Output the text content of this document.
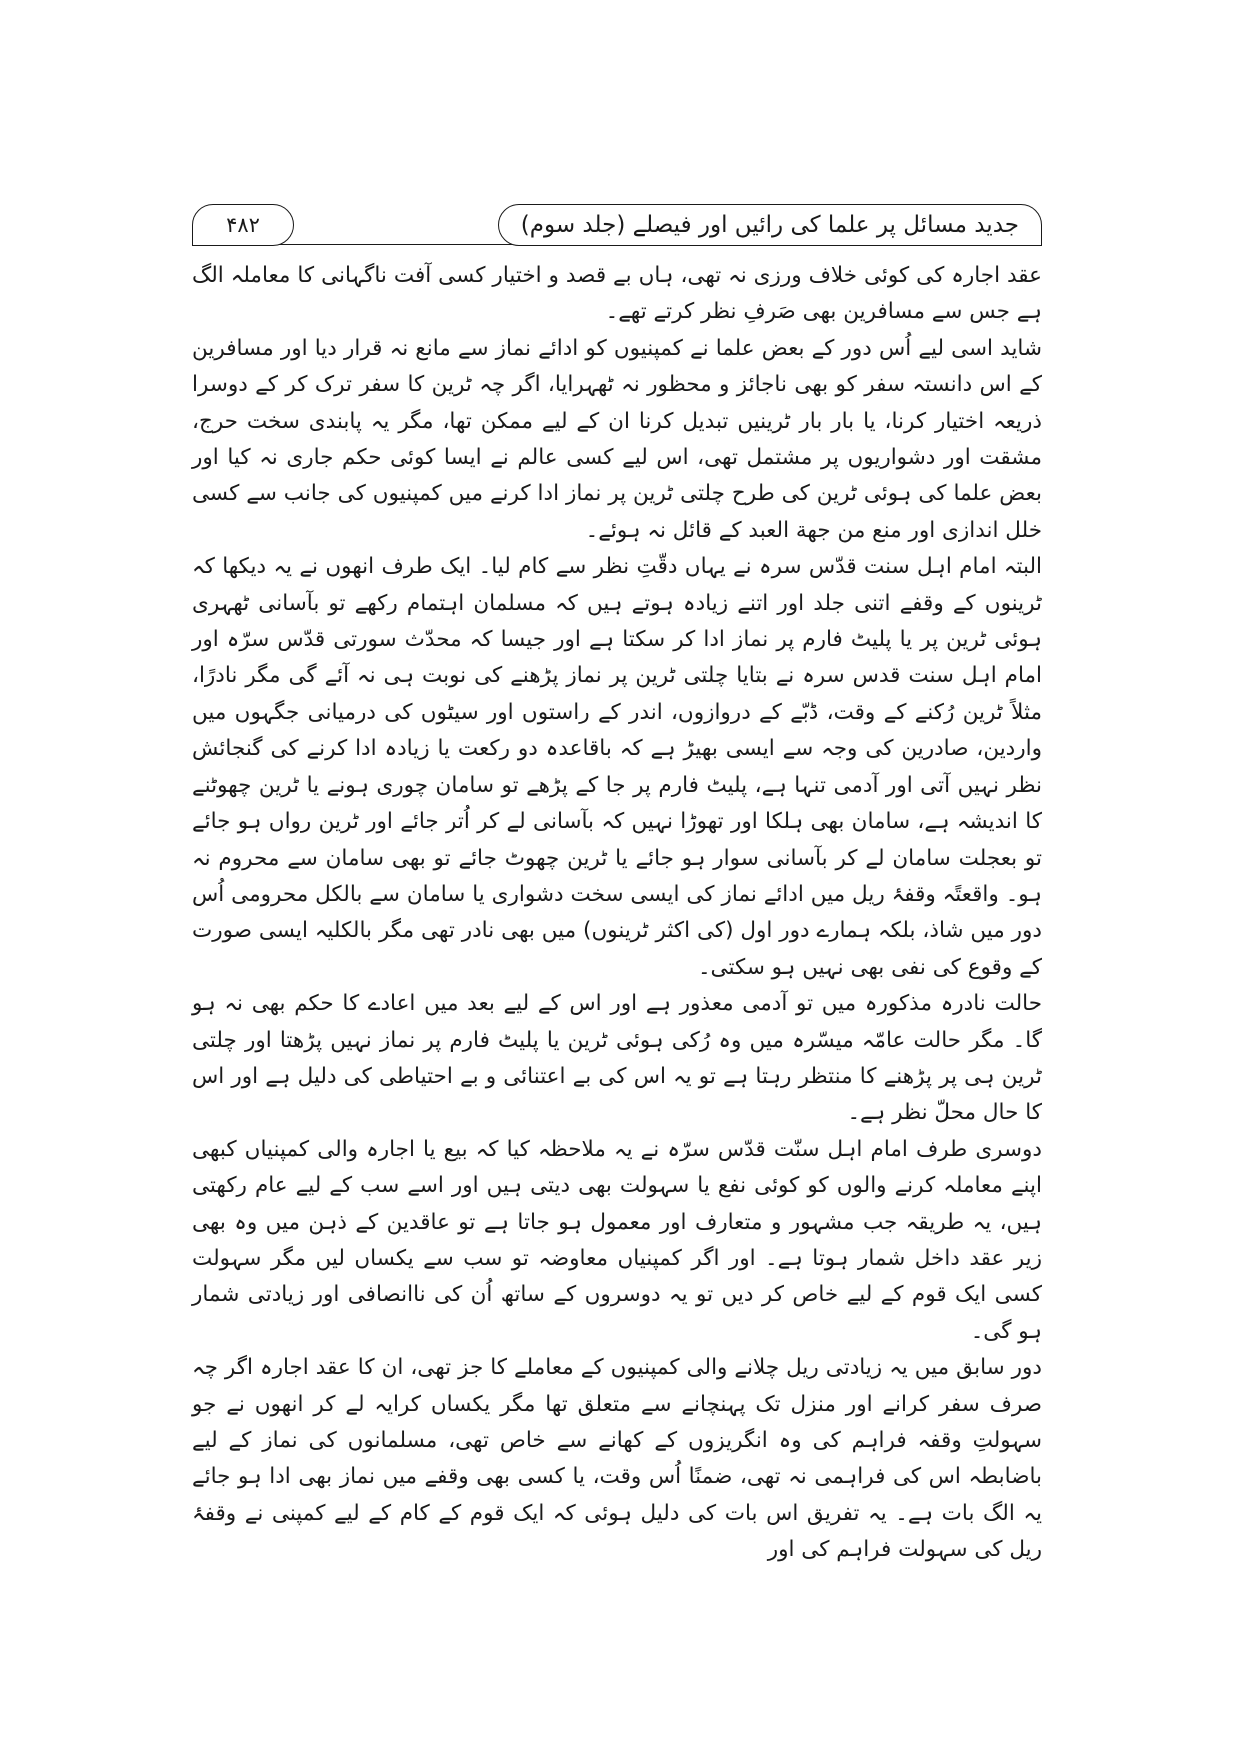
جدید مسائل پر علما کی رائیں اور فیصلے (جلد سوم)
۴۸۲

عقد اجارہ کی کوئی خلاف ورزی نہ تھی، ہاں بے قصد و اختیار کسی آفت ناگہانی کا معاملہ الگ ہے جس سے مسافرین بھی صَرفِ نظر کرتے تھے۔

شاید اسی لیے اُس دور کے بعض علما نے کمپنیوں کو ادائے نماز سے مانع نہ قرار دیا اور مسافرین کے اس دانستہ سفر کو بھی ناجائز و محظور نہ ٹھہرایا، اگر چہ ٹرین کا سفر ترک کر کے دوسرا ذریعہ اختیار کرنا، یا بار بار ٹرینیں تبدیل کرنا ان کے لیے ممکن تھا، مگر یہ پابندی سخت حرج، مشقت اور دشواریوں پر مشتمل تھی، اس لیے کسی عالم نے ایسا کوئی حکم جاری نہ کیا اور بعض علما کی ہوئی ٹرین کی طرح چلتی ٹرین پر نماز ادا کرنے میں کمپنیوں کی جانب سے کسی خلل اندازی اور منع من جهة العبد کے قائل نہ ہوئے۔

البتہ امام اہل سنت قدّس سرہ نے یہاں دقّتِ نظر سے کام لیا۔ ایک طرف انھوں نے یہ دیکھا کہ ٹرینوں کے وقفے اتنی جلد اور اتنے زیادہ ہوتے ہیں کہ مسلمان اہتمام رکھے تو بآسانی ٹھہری ہوئی ٹرین پر یا پلیٹ فارم پر نماز ادا کر سکتا ہے اور جیسا کہ محدّث سورتی قدّس سرّہ اور امام اہل سنت قدس سرہ نے بتایا چلتی ٹرین پر نماز پڑھنے کی نوبت ہی نہ آئے گی مگر نادرًا، مثلاً ٹرین رُکنے کے وقت، ڈبّے کے دروازوں، اندر کے راستوں اور سیٹوں کی درمیانی جگہوں میں واردین، صادرین کی وجہ سے ایسی بھیڑ ہے کہ باقاعدہ دو رکعت یا زیادہ ادا کرنے کی گنجائش نظر نہیں آتی اور آدمی تنہا ہے، پلیٹ فارم پر جا کے پڑھے تو سامان چوری ہونے یا ٹرین چھوٹنے کا اندیشہ ہے، سامان بھی ہلکا اور تھوڑا نہیں کہ بآسانی لے کر اُتر جائے اور ٹرین رواں ہو جائے تو بعجلت سامان لے کر بآسانی سوار ہو جائے یا ٹرین چھوٹ جائے تو بھی سامان سے محروم نہ ہو۔ واقعتًہ وقفۂ ریل میں ادائے نماز کی ایسی سخت دشواری یا سامان سے بالکل محرومی اُس دور میں شاذ، بلکہ ہمارے دور اول (کی اکثر ٹرینوں) میں بھی نادر تھی مگر بالکلیہ ایسی صورت کے وقوع کی نفی بھی نہیں ہو سکتی۔

حالت نادرہ مذکورہ میں تو آدمی معذور ہے اور اس کے لیے بعد میں اعادے کا حکم بھی نہ ہو گا۔ مگر حالت عامّہ میسّرہ میں وہ رُکی ہوئی ٹرین یا پلیٹ فارم پر نماز نہیں پڑھتا اور چلتی ٹرین ہی پر پڑھنے کا منتظر رہتا ہے تو یہ اس کی بے اعتنائی و بے احتیاطی کی دلیل ہے اور اس کا حال محلّ نظر ہے۔

دوسری طرف امام اہل سنّت قدّس سرّہ نے یہ ملاحظہ کیا کہ بیع یا اجارہ والی کمپنیاں کبھی اپنے معاملہ کرنے والوں کو کوئی نفع یا سہولت بھی دیتی ہیں اور اسے سب کے لیے عام رکھتی ہیں، یہ طریقہ جب مشہور و متعارف اور معمول ہو جاتا ہے تو عاقدین کے ذہن میں وہ بھی زیر عقد داخل شمار ہوتا ہے۔ اور اگر کمپنیاں معاوضہ تو سب سے یکساں لیں مگر سہولت کسی ایک قوم کے لیے خاص کر دیں تو یہ دوسروں کے ساتھ اُن کی ناانصافی اور زیادتی شمار ہو گی۔

دور سابق میں یہ زیادتی ریل چلانے والی کمپنیوں کے معاملے کا جز تھی، ان کا عقد اجارہ اگر چہ صرف سفر کرانے اور منزل تک پہنچانے سے متعلق تھا مگر یکساں کرایہ لے کر انھوں نے جو سہولتِ وقفہ فراہم کی وہ انگریزوں کے کھانے سے خاص تھی، مسلمانوں کی نماز کے لیے باضابطہ اس کی فراہمی نہ تھی، ضمنًا اُس وقت، یا کسی بھی وقفے میں نماز بھی ادا ہو جائے یہ الگ بات ہے۔ یہ تفریق اس بات کی دلیل ہوئی کہ ایک قوم کے کام کے لیے کمپنی نے وقفۂ ریل کی سہولت فراہم کی اور
